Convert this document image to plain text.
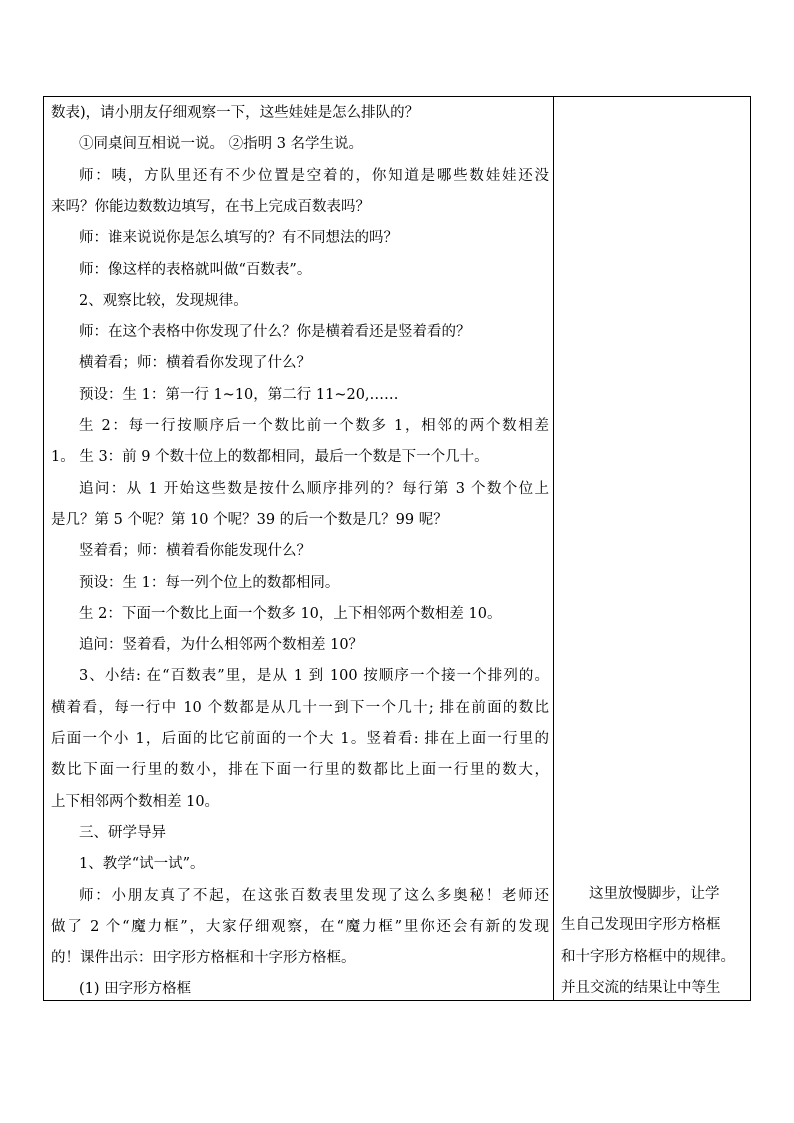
数表)，请小朋友仔细观察一下，这些娃娃是怎么排队的？
①同桌间互相说一说。 ②指明 3 名学生说。
师：咦，方队里还有不少位置是空着的，你知道是哪些数娃娃还没
来吗？你能边数数边填写，在书上完成百数表吗？
师：谁来说说你是怎么填写的？有不同想法的吗？
师：像这样的表格就叫做“百数表”。
2、观察比较，发现规律。
师：在这个表格中你发现了什么？你是横着看还是竖着看的？
横着看；师：横着看你发现了什么？
预设：生 1：第一行 1~10，第二行 11~20,……
生 2：每一行按顺序后一个数比前一个数多 1，相邻的两个数相差
1。 生 3：前 9 个数十位上的数都相同，最后一个数是下一个几十。
追问：从 1 开始这些数是按什么顺序排列的？每行第 3 个数个位上
是几？第 5 个呢？第 10 个呢？39 的后一个数是几？99 呢？
竖着看；师：横着看你能发现什么？
预设：生 1：每一列个位上的数都相同。
生 2：下面一个数比上面一个数多 10，上下相邻两个数相差 10。
追问：竖着看，为什么相邻两个数相差 10？
3、小结: 在“百数表”里，是从 1 到 100 按顺序一个接一个排列的。
横着看，每一行中 10 个数都是从几十一到下一个几十; 排在前面的数比
后面一个小 1，后面的比它前面的一个大 1。竖着看: 排在上面一行里的
数比下面一行里的数小，排在下面一行里的数都比上面一行里的数大，
上下相邻两个数相差 10。
三、研学导异
1、教学“试一试”。
师：小朋友真了不起，在这张百数表里发现了这么多奥秘！老师还
做了 2 个“魔力框”，大家仔细观察，在“魔力框”里你还会有新的发现
的！课件出示：田字形方格框和十字形方格框。
(1) 田字形方格框
这里放慢脚步，让学
生自己发现田字形方格框
和十字形方格框中的规律。
并且交流的结果让中等生
